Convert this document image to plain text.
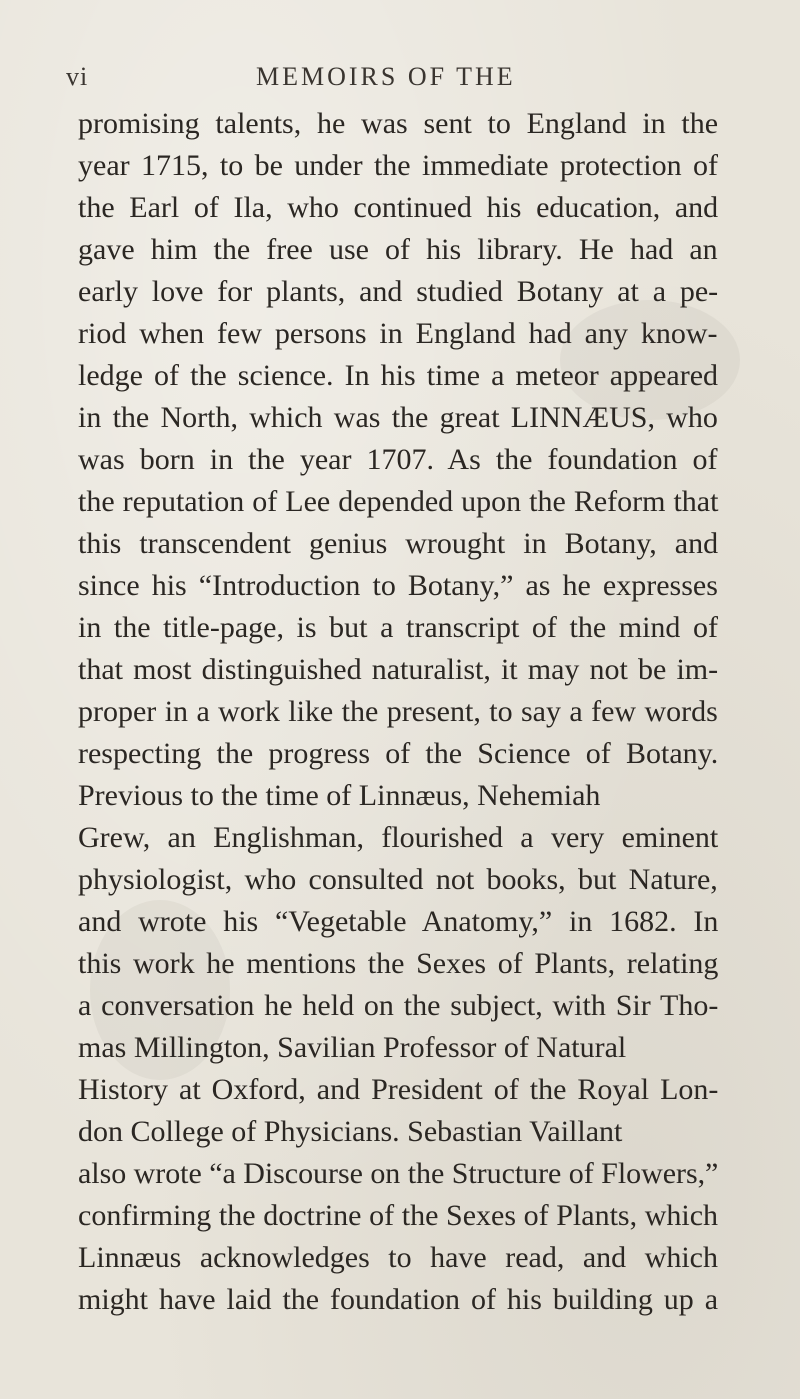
vi	MEMOIRS OF THE
promising talents, he was sent to England in the
year 1715, to be under the immediate protection of
the Earl of Ila, who continued his education, and
gave him the free use of his library. He had an
early love for plants, and studied Botany at a pe-
riod when few persons in England had any know-
ledge of the science. In his time a meteor appeared
in the North, which was the great LINNÆUS, who
was born in the year 1707. As the foundation of
the reputation of Lee depended upon the Reform that
this transcendent genius wrought in Botany, and
since his “Introduction to Botany,” as he expresses
in the title-page, is but a transcript of the mind of
that most distinguished naturalist, it may not be im-
proper in a work like the present, to say a few words
respecting the progress of the Science of Botany.
Previous to the time of Linnæus, Nehemiah
Grew, an Englishman, flourished a very eminent
physiologist, who consulted not books, but Nature,
and wrote his “Vegetable Anatomy,” in 1682. In
this work he mentions the Sexes of Plants, relating
a conversation he held on the subject, with Sir Tho-
mas Millington, Savilian Professor of Natural
History at Oxford, and President of the Royal Lon-
don College of Physicians. Sebastian Vaillant
also wrote “a Discourse on the Structure of Flowers,”
confirming the doctrine of the Sexes of Plants, which
Linnæus acknowledges to have read, and which
might have laid the foundation of his building up a
